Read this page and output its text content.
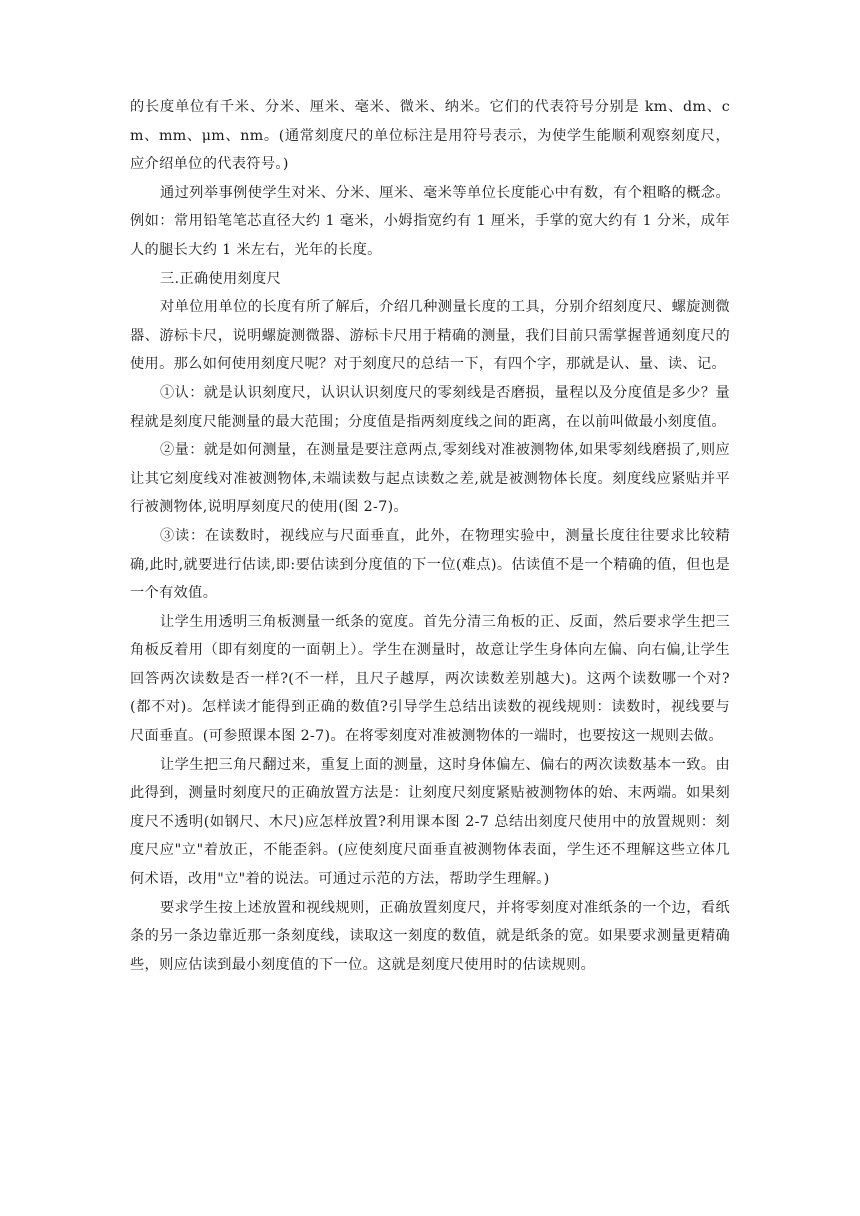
的长度单位有千米、分米、厘米、毫米、微米、纳米。它们的代表符号分别是 km、dm、cm、mm、μm、nm。(通常刻度尺的单位标注是用符号表示，为使学生能顺利观察刻度尺，应介绍单位的代表符号。)

通过列举事例使学生对米、分米、厘米、毫米等单位长度能心中有数，有个粗略的概念。例如：常用铅笔笔芯直径大约 1 毫米，小姆指宽约有 1 厘米，手掌的宽大约有 1 分米，成年人的腿长大约 1 米左右，光年的长度。

三.正确使用刻度尺

对单位用单位的长度有所了解后，介绍几种测量长度的工具，分别介绍刻度尺、螺旋测微器、游标卡尺，说明螺旋测微器、游标卡尺用于精确的测量，我们目前只需掌握普通刻度尺的使用。那么如何使用刻度尺呢？对于刻度尺的总结一下，有四个字，那就是认、量、读、记。

①认：就是认识刻度尺，认识认识刻度尺的零刻线是否磨损，量程以及分度值是多少？量程就是刻度尺能测量的最大范围；分度值是指两刻度线之间的距离，在以前叫做最小刻度值。

②量：就是如何测量，在测量是要注意两点,零刻线对准被测物体,如果零刻线磨损了,则应让其它刻度线对准被测物体,未端读数与起点读数之差,就是被测物体长度。刻度线应紧贴并平行被测物体,说明厚刻度尺的使用(图 2-7)。

③读：在读数时，视线应与尺面垂直，此外，在物理实验中，测量长度往往要求比较精确,此时,就要进行估读,即:要估读到分度值的下一位(难点)。估读值不是一个精确的值，但也是一个有效值。

让学生用透明三角板测量一纸条的宽度。首先分清三角板的正、反面，然后要求学生把三角板反着用（即有刻度的一面朝上）。学生在测量时，故意让学生身体向左偏、向右偏,让学生回答两次读数是否一样?(不一样，且尺子越厚，两次读数差别越大)。这两个读数哪一个对?(都不对)。怎样读才能得到正确的数值?引导学生总结出读数的视线规则：读数时，视线要与尺面垂直。(可参照课本图 2-7)。在将零刻度对准被测物体的一端时，也要按这一规则去做。

让学生把三角尺翻过来，重复上面的测量，这时身体偏左、偏右的两次读数基本一致。由此得到，测量时刻度尺的正确放置方法是：让刻度尺刻度紧贴被测物体的始、末两端。如果刻度尺不透明(如钢尺、木尺)应怎样放置?利用课本图 2-7 总结出刻度尺使用中的放置规则：刻度尺应"立"着放正，不能歪斜。(应使刻度尺面垂直被测物体表面，学生还不理解这些立体几何术语，改用"立"着的说法。可通过示范的方法，帮助学生理解。)

要求学生按上述放置和视线规则，正确放置刻度尺，并将零刻度对准纸条的一个边，看纸条的另一条边靠近那一条刻度线，读取这一刻度的数值，就是纸条的宽。如果要求测量更精确些，则应估读到最小刻度值的下一位。这就是刻度尺使用时的估读规则。
